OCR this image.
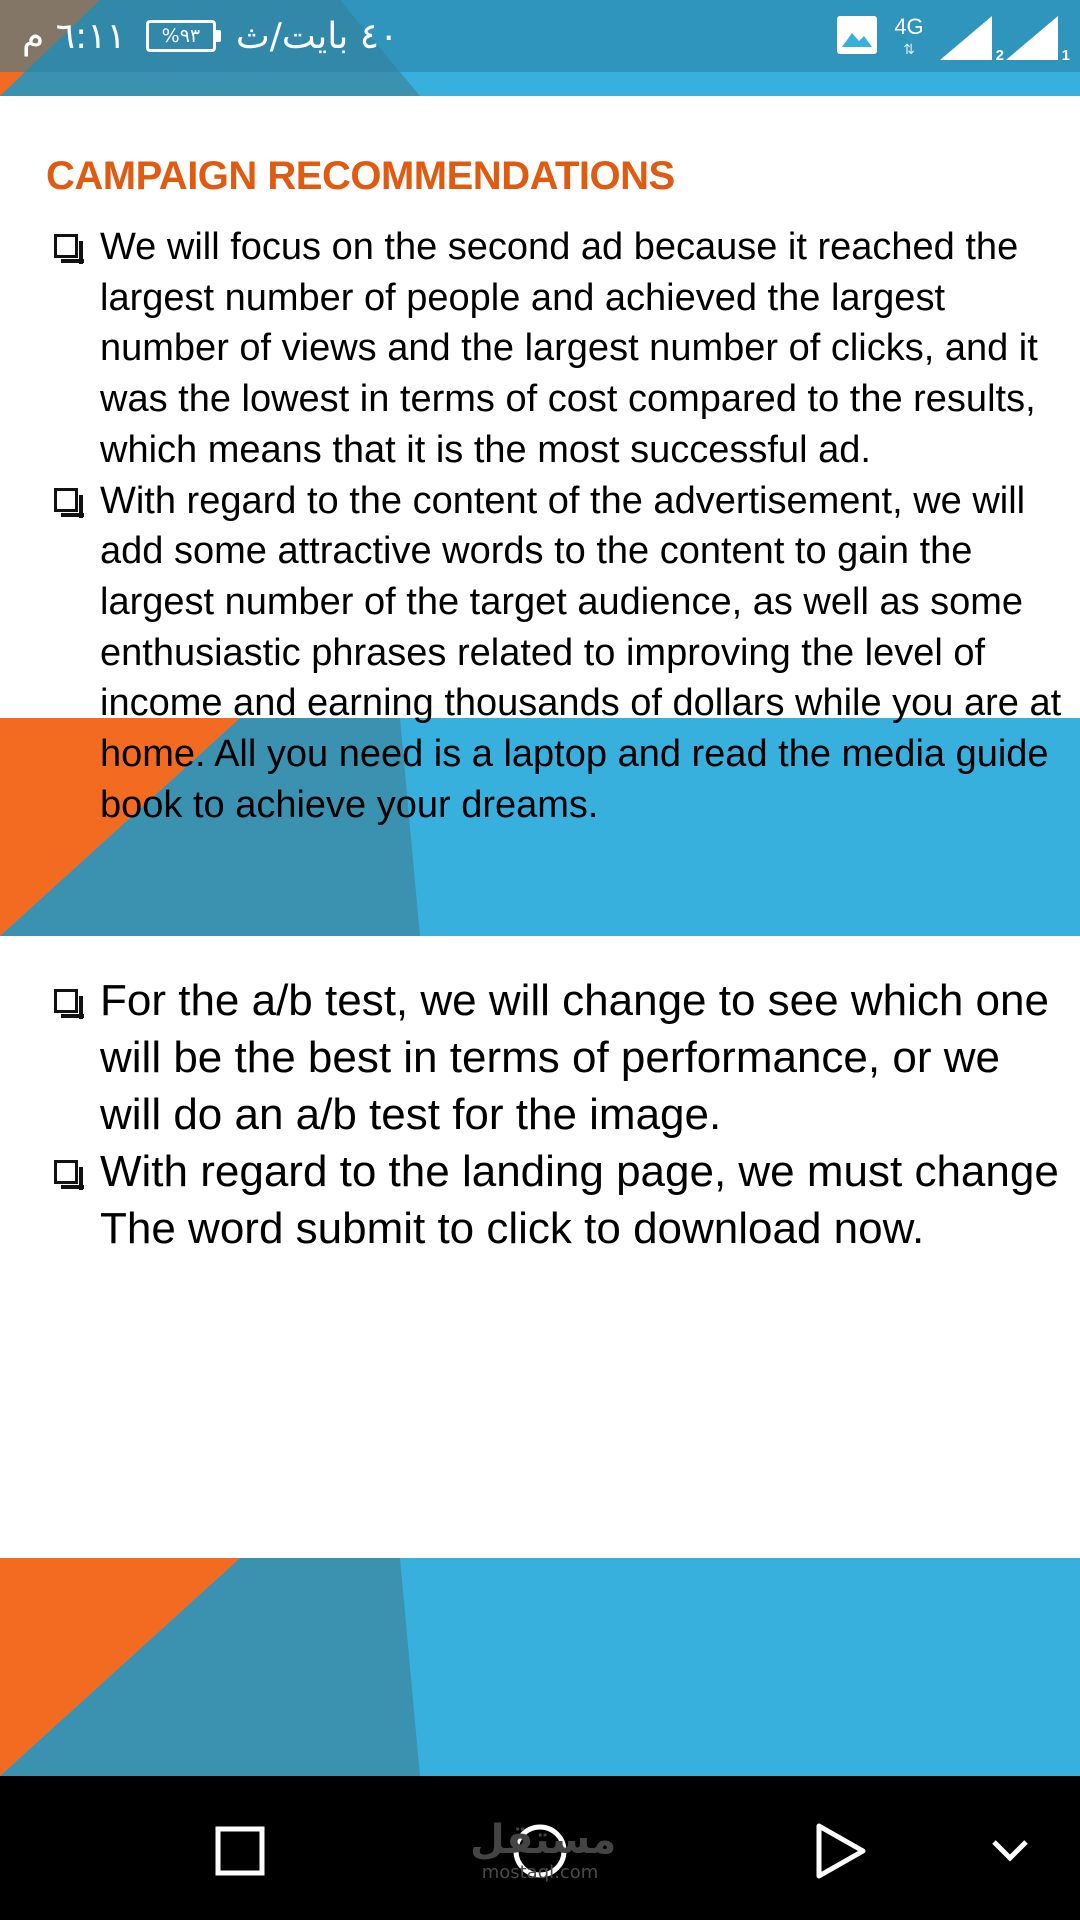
٦:١١ م	%٩٣ ٤٠ بايت/ث	4G
⇅	2	1
CAMPAIGN RECOMMENDATIONS
We will focus on the second ad because it reached the largest number of people and achieved the largest number of views and the largest number of clicks, and it was the lowest in terms of cost compared to the results, which means that it is the most successful ad.
With regard to the content of the advertisement, we will add some attractive words to the content to gain the largest number of the target audience, as well as some enthusiastic phrases related to improving the level of income and earning thousands of dollars while you are at home. All you need is a laptop and read the media guide book to achieve your dreams.
For the a/b test, we will change to see which one will be the best in terms of performance, or we will do an a/b test for the image.
With regard to the landing page, we must change The word submit to click to download now.
مستقل
mostaql.com
